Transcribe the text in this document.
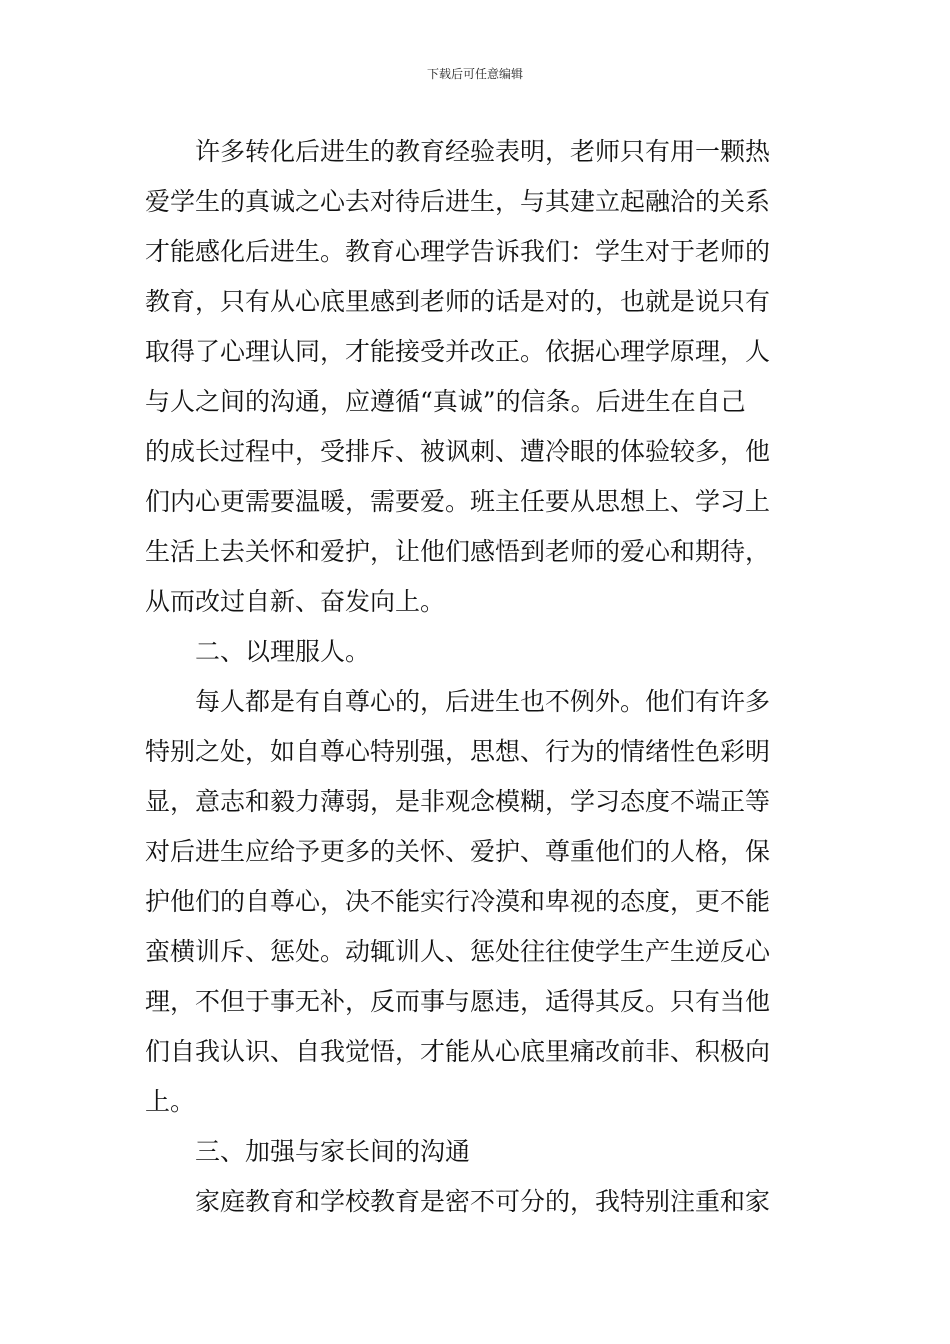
下载后可任意编辑
许多转化后进生的教育经验表明，老师只有用一颗热
爱学生的真诚之心去对待后进生，与其建立起融洽的关系
才能感化后进生。教育心理学告诉我们：学生对于老师的
教育，只有从心底里感到老师的话是对的，也就是说只有
取得了心理认同，才能接受并改正。依据心理学原理，人
与人之间的沟通，应遵循“真诚”的信条。后进生在自己
的成长过程中，受排斥、被讽刺、遭冷眼的体验较多，他
们内心更需要温暖，需要爱。班主任要从思想上、学习上
生活上去关怀和爱护，让他们感悟到老师的爱心和期待，
从而改过自新、奋发向上。
二、以理服人。
每人都是有自尊心的，后进生也不例外。他们有许多
特别之处，如自尊心特别强，思想、行为的情绪性色彩明
显，意志和毅力薄弱，是非观念模糊，学习态度不端正等
对后进生应给予更多的关怀、爱护、尊重他们的人格，保
护他们的自尊心，决不能实行冷漠和卑视的态度，更不能
蛮横训斥、惩处。动辄训人、惩处往往使学生产生逆反心
理，不但于事无补，反而事与愿违，适得其反。只有当他
们自我认识、自我觉悟，才能从心底里痛改前非、积极向
上。
三、加强与家长间的沟通
家庭教育和学校教育是密不可分的，我特别注重和家
